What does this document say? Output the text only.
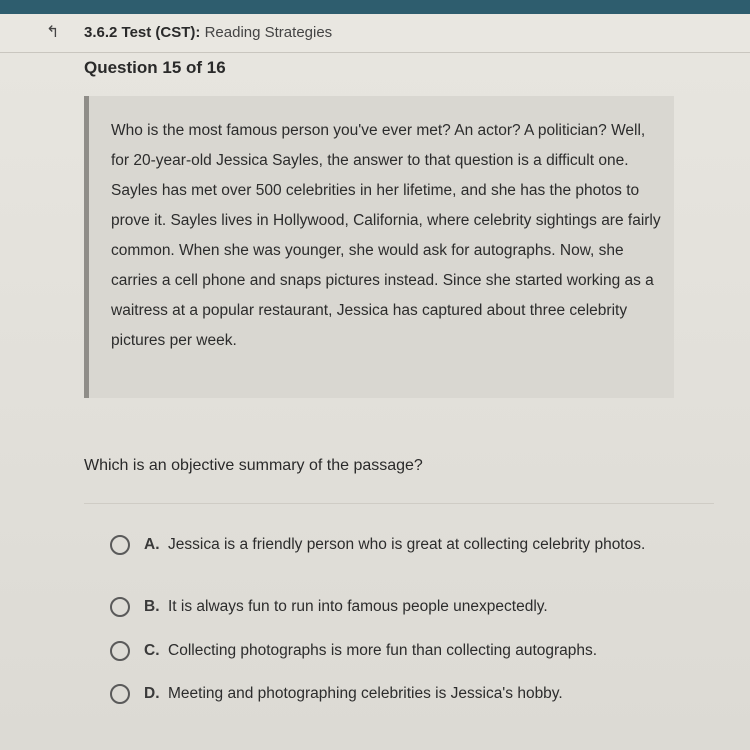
↰	3.6.2 Test (CST): Reading Strategies
Question 15 of 16
Who is the most famous person you've ever met? An actor? A politician? Well, for 20-year-old Jessica Sayles, the answer to that question is a difficult one. Sayles has met over 500 celebrities in her lifetime, and she has the photos to prove it. Sayles lives in Hollywood, California, where celebrity sightings are fairly common. When she was younger, she would ask for autographs. Now, she carries a cell phone and snaps pictures instead. Since she started working as a waitress at a popular restaurant, Jessica has captured about three celebrity pictures per week.
Which is an objective summary of the passage?
A. Jessica is a friendly person who is great at collecting celebrity photos.
B. It is always fun to run into famous people unexpectedly.
C. Collecting photographs is more fun than collecting autographs.
D. Meeting and photographing celebrities is Jessica's hobby.
